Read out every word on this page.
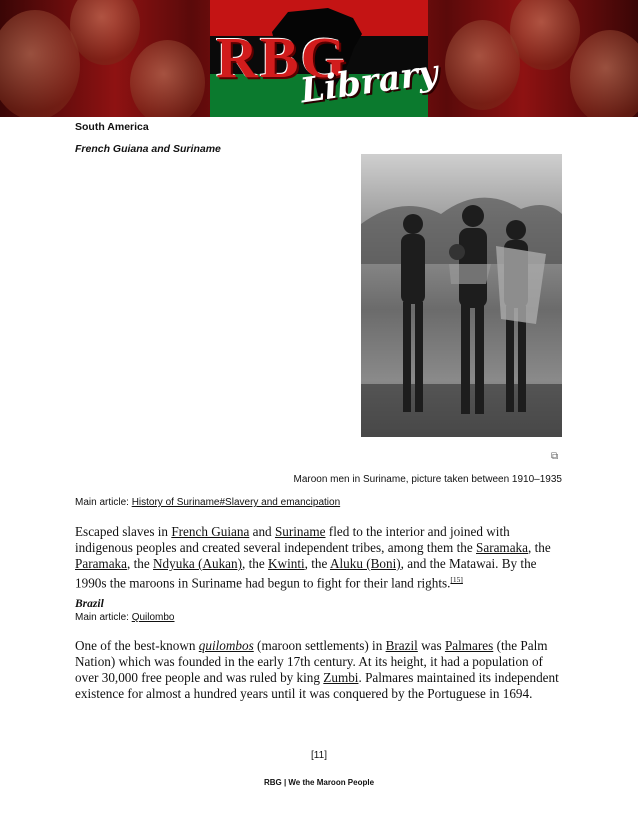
RBG
Library
South America
French Guiana and Suriname
⧉
Maroon men in Suriname, picture taken between 1910–1935
Main article: History of Suriname#Slavery and emancipation
Escaped slaves in French Guiana and Suriname fled to the interior and joined with indigenous peoples and created several independent tribes, among them the Saramaka, the Paramaka, the Ndyuka (Aukan), the Kwinti, the Aluku (Boni), and the Matawai. By the 1990s the maroons in Suriname had begun to fight for their land rights.[15]
Brazil
Main article: Quilombo
One of the best-known quilombos (maroon settlements) in Brazil was Palmares (the Palm Nation) which was founded in the early 17th century. At its height, it had a population of over 30,000 free people and was ruled by king Zumbi. Palmares maintained its independent existence for almost a hundred years until it was conquered by the Portuguese in 1694.
[11]
RBG | We the Maroon People
